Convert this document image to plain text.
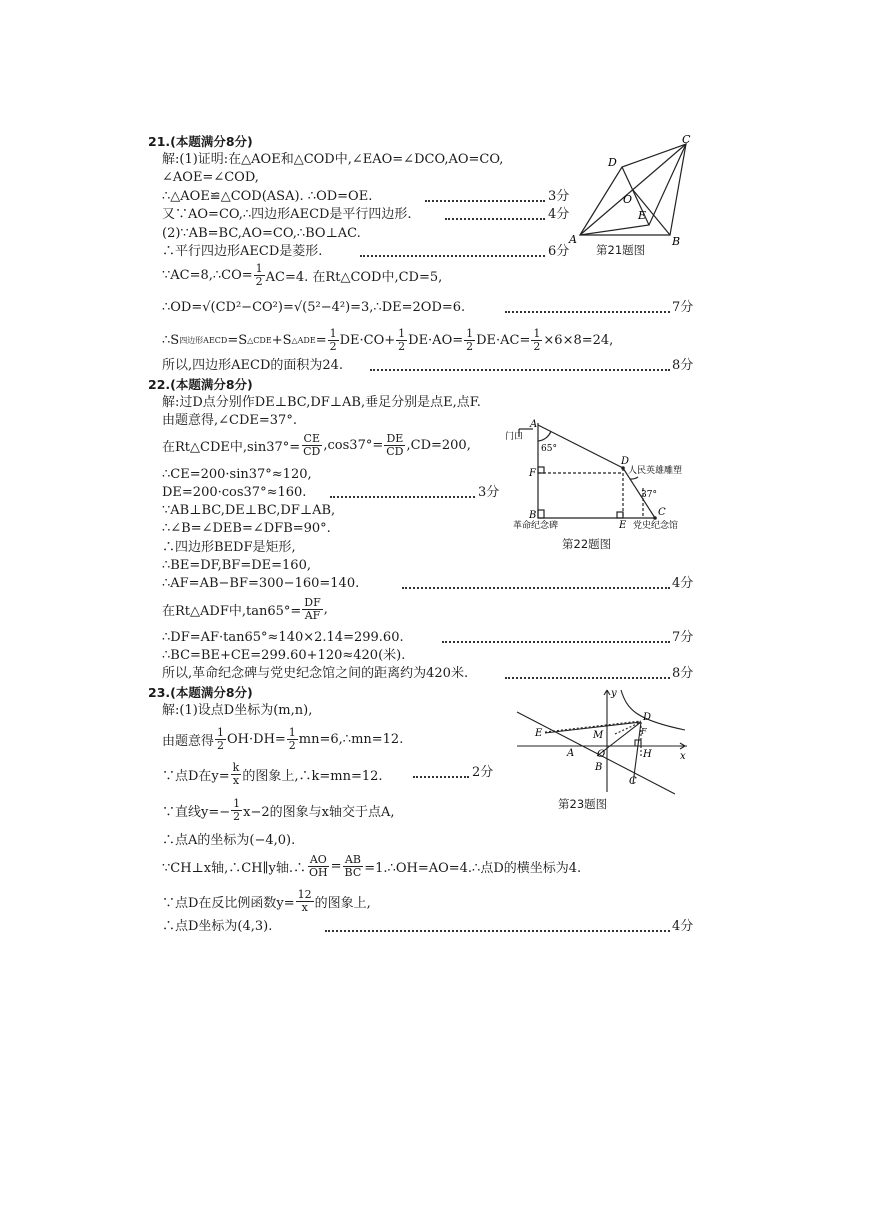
21.(本题满分8分)
解:(1)证明:在△AOE和△COD中,∠EAO=∠DCO,AO=CO,
∠AOE=∠COD,
∴△AOE≌△COD(ASA). ∴OD=OE.	3分
又∵AO=CO,∴四边形AECD是平行四边形.	4分
(2)∵AB=BC,AO=CO,∴BO⊥AC.
∴平行四边形AECD是菱形.	6分
∵AC=8,∴CO= $\frac{1}{2} AC=4$. 在Rt△COD中,CD=5,
∴OD=√(CD²−CO²)=√(5²−4²)=3,∴DE=2OD=6.	7分
∴S 四边形AECD =S △CDE +S △ADE = $\frac{1}{2} DE\cdot CO+ \frac{1}{2} DE\cdot AO= \frac{1}{2} DE\cdot AC= \frac{1}{2} \times 6\times 8=24$,
所以,四边形AECD的面积为24.	8分
A	B
C
D
E
O
第21题图
22.(本题满分8分)
解:过D点分别作DE⊥BC,DF⊥AB,垂足分别是点E,点F.
由题意得,∠CDE=37°.
在Rt△CDE中$,\sin 37^\circ= \frac{CE}{CD} ,\cos 37^\circ= \frac{DE}{CD} ,CD=200$,
∴CE=200·sin37°≈120,
DE=200·cos37°≈160.	3分
∵AB⊥BC,DE⊥BC,DF⊥AB,
∴∠B=∠DEB=∠DFB=90°.
∴四边形BEDF是矩形,
∴BE=DF,BF=DE=160,
∴AF=AB−BF=300−160=140.	4分
在Rt△ADF中$,\tan 65^\circ= \frac{DF}{AF}$ ,
∴DF=AF·tan65°≈140×2.14=299.60.	7分
∴BC=BE+CE=299.60+120≈420(米).
所以,革命纪念碑与党史纪念馆之间的距离约为420米.	8分
门口
A
65°
F
B
D
人民英雄雕塑
37°
C
E
革命纪念碑	党史纪念馆
第22题图
23.(本题满分8分)
解:(1)设点D坐标为(m,n),
由题意得 $\frac{1}{2} OH\cdot DH= \frac{1}{2}$ mn=6,∴mn=12.
∵点D在$y= \frac{k}{x}$ 的图象上,∴k=mn=12.	2分
∵直线$y=- \frac{1}{2} x-2$的图象与x轴交于点A,
∴点A的坐标为(−4,0).
∵CH⊥x轴,∴CH∥y轴.∴ $\frac{AO}{OH} = \frac{AB}{BC}$ =1.∴OH=AO=4.∴点D的横坐标为4.
∵点D在反比例函数$y= \frac{12}{x}$ 的图象上,
∴点D坐标为(4,3).	4分
y
x
D
F
E
A
M
O	H
B
C
第23题图
